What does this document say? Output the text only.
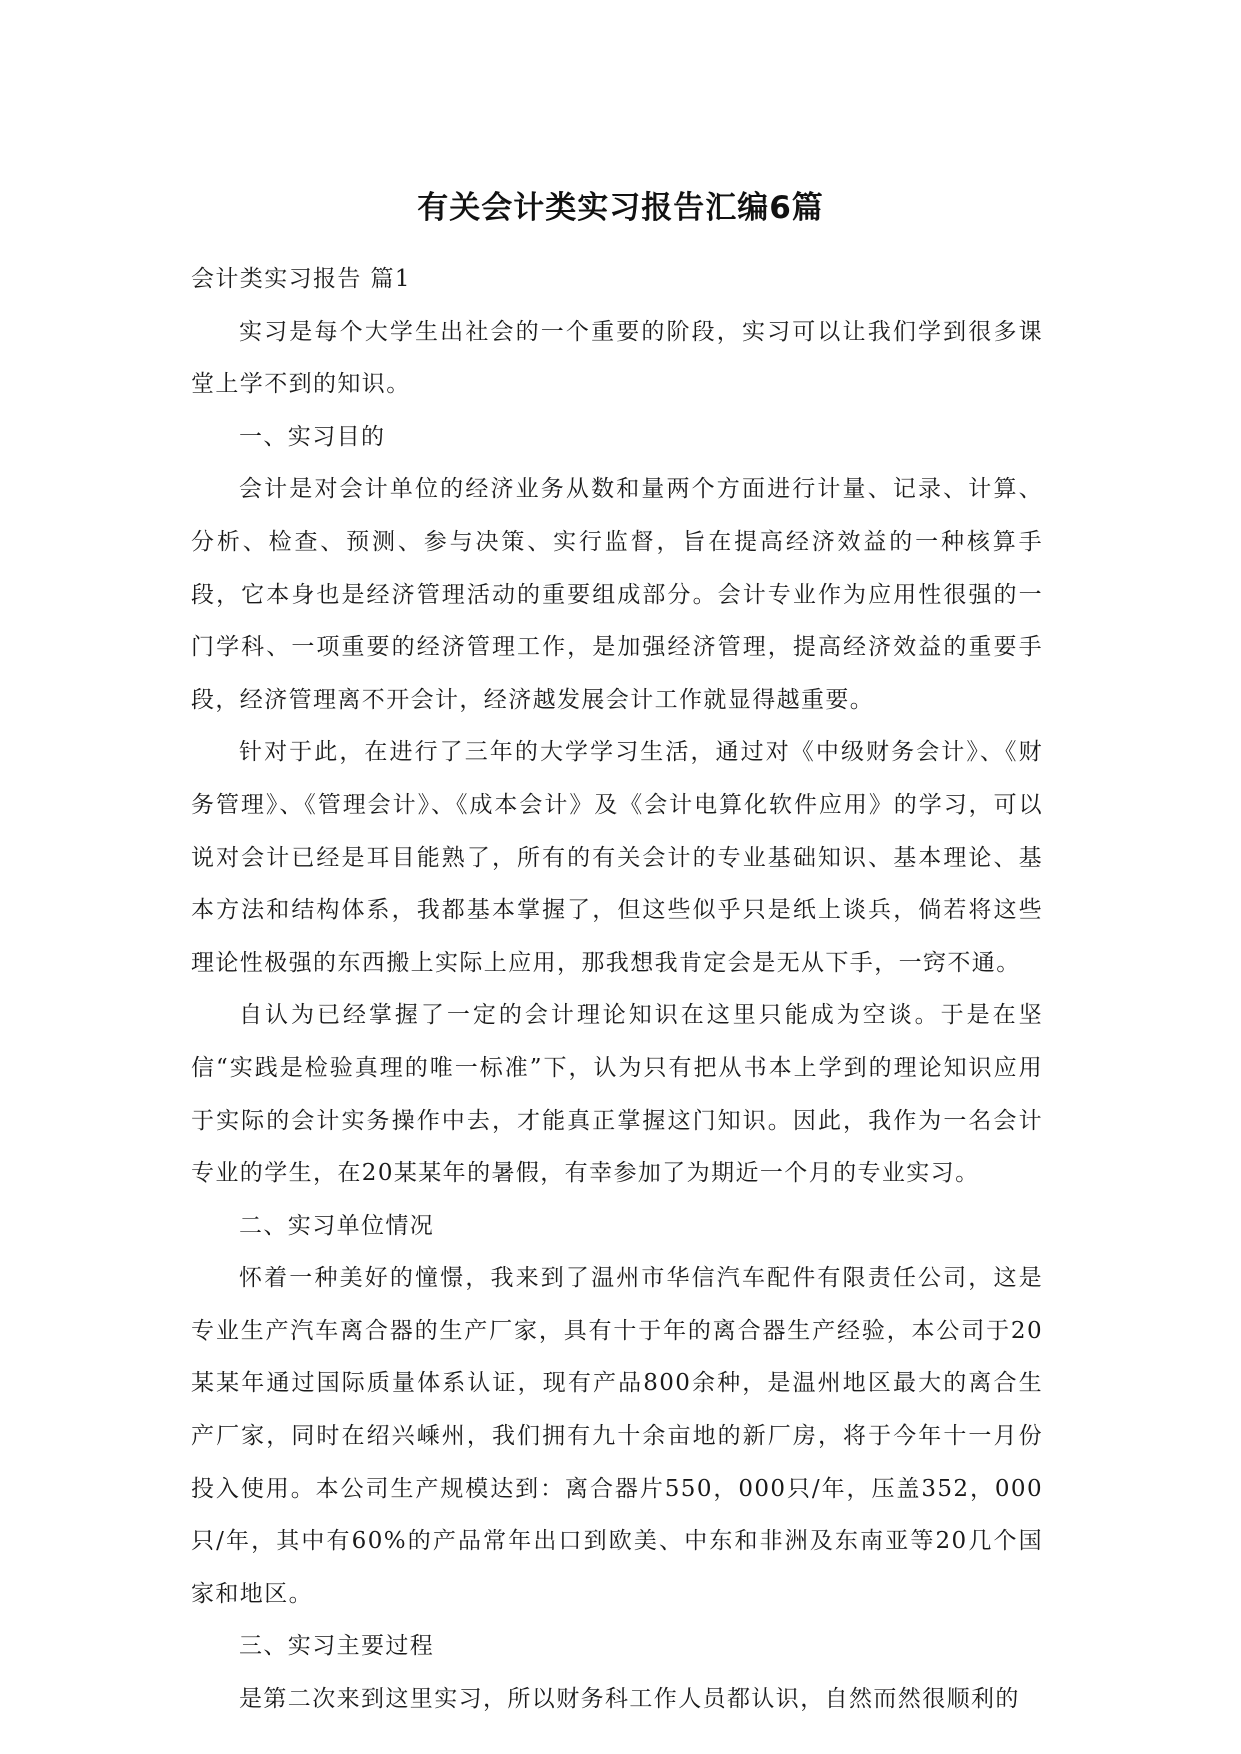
有关会计类实习报告汇编6篇

会计类实习报告 篇1

实习是每个大学生出社会的一个重要的阶段，实习可以让我们学到很多课堂上学不到的知识。

一、实习目的

会计是对会计单位的经济业务从数和量两个方面进行计量、记录、计算、分析、检查、预测、参与决策、实行监督，旨在提高经济效益的一种核算手段，它本身也是经济管理活动的重要组成部分。会计专业作为应用性很强的一门学科、一项重要的经济管理工作，是加强经济管理，提高经济效益的重要手段，经济管理离不开会计，经济越发展会计工作就显得越重要。

针对于此，在进行了三年的大学学习生活，通过对《中级财务会计》、《财务管理》、《管理会计》、《成本会计》及《会计电算化软件应用》的学习，可以说对会计已经是耳目能熟了，所有的有关会计的专业基础知识、基本理论、基本方法和结构体系，我都基本掌握了，但这些似乎只是纸上谈兵，倘若将这些理论性极强的东西搬上实际上应用，那我想我肯定会是无从下手，一窍不通。

自认为已经掌握了一定的会计理论知识在这里只能成为空谈。于是在坚信“实践是检验真理的唯一标准”下，认为只有把从书本上学到的理论知识应用于实际的会计实务操作中去，才能真正掌握这门知识。因此，我作为一名会计专业的学生，在20某某年的暑假，有幸参加了为期近一个月的专业实习。

二、实习单位情况

怀着一种美好的憧憬，我来到了温州市华信汽车配件有限责任公司，这是专业生产汽车离合器的生产厂家，具有十于年的离合器生产经验，本公司于20某某年通过国际质量体系认证，现有产品800余种，是温州地区最大的离合生产厂家，同时在绍兴嵊州，我们拥有九十余亩地的新厂房，将于今年十一月份投入使用。本公司生产规模达到：离合器片550，000只/年，压盖352，000只/年，其中有60%的产品常年出口到欧美、中东和非洲及东南亚等20几个国家和地区。

三、实习主要过程

是第二次来到这里实习，所以财务科工作人员都认识，自然而然很顺利的
